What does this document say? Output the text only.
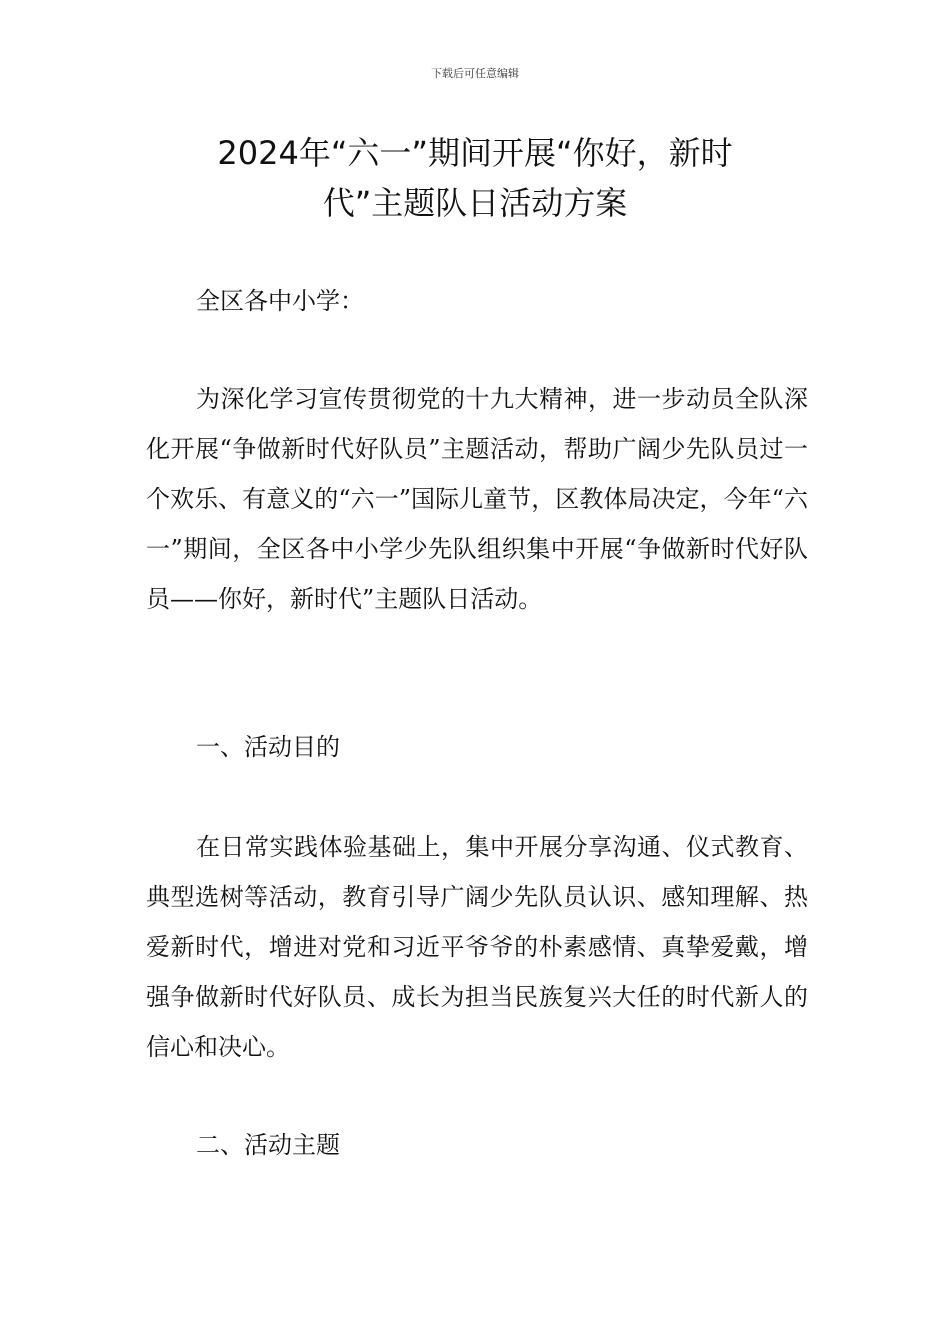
下载后可任意编辑
2024年“六一”期间开展“你好，新时
代”主题队日活动方案

全区各中小学：

为深化学习宣传贯彻党的十九大精神，进一步动员全队深化开展“争做新时代好队员”主题活动，帮助广阔少先队员过一个欢乐、有意义的“六一”国际儿童节，区教体局决定，今年“六一”期间，全区各中小学少先队组织集中开展“争做新时代好队员——你好，新时代”主题队日活动。

一、活动目的

在日常实践体验基础上，集中开展分享沟通、仪式教育、典型选树等活动，教育引导广阔少先队员认识、感知理解、热爱新时代，增进对党和习近平爷爷的朴素感情、真挚爱戴，增强争做新时代好队员、成长为担当民族复兴大任的时代新人的信心和决心。

二、活动主题
